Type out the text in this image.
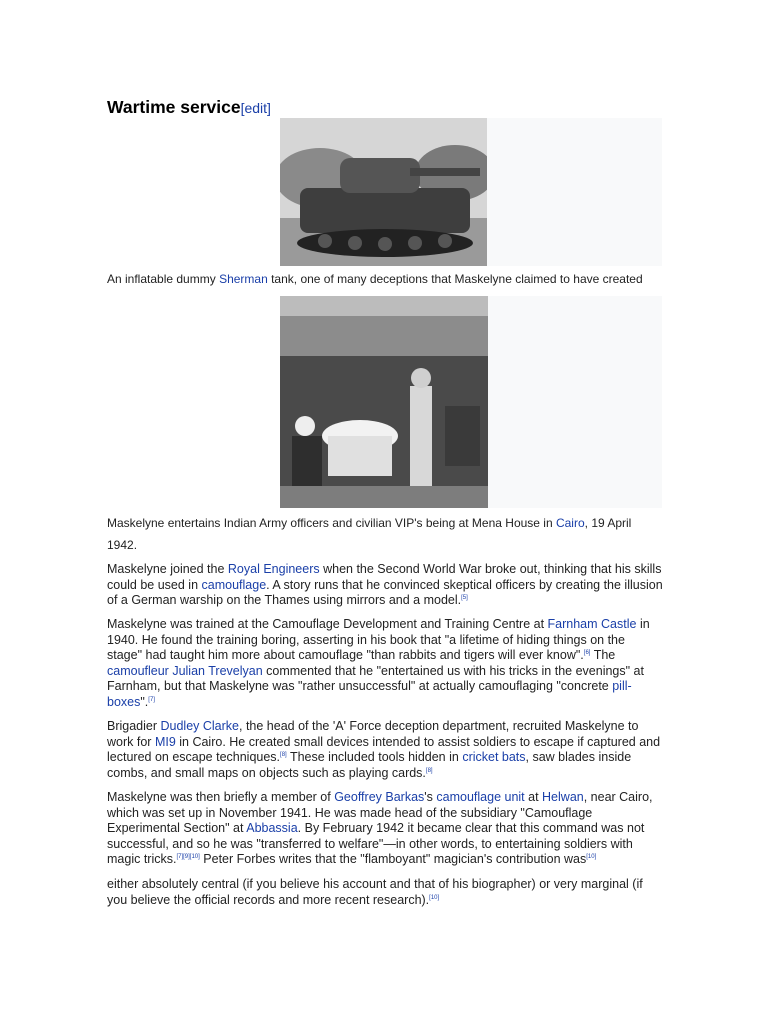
Wartime service[edit]
An inflatable dummy Sherman tank, one of many deceptions that Maskelyne claimed to have created
Maskelyne entertains Indian Army officers and civilian VIP's being at Mena House in Cairo, 19 April 1942.

Maskelyne joined the Royal Engineers when the Second World War broke out, thinking that his skills could be used in camouflage. A story runs that he convinced skeptical officers by creating the illusion of a German warship on the Thames using mirrors and a model.[5]

Maskelyne was trained at the Camouflage Development and Training Centre at Farnham Castle in 1940. He found the training boring, asserting in his book that "a lifetime of hiding things on the stage" had taught him more about camouflage "than rabbits and tigers will ever know".[6] The camoufleur Julian Trevelyan commented that he "entertained us with his tricks in the evenings" at Farnham, but that Maskelyne was "rather unsuccessful" at actually camouflaging "concrete pill-boxes".[7]

Brigadier Dudley Clarke, the head of the 'A' Force deception department, recruited Maskelyne to work for MI9 in Cairo. He created small devices intended to assist soldiers to escape if captured and lectured on escape techniques.[8] These included tools hidden in cricket bats, saw blades inside combs, and small maps on objects such as playing cards.[8]

Maskelyne was then briefly a member of Geoffrey Barkas's camouflage unit at Helwan, near Cairo, which was set up in November 1941. He was made head of the subsidiary "Camouflage Experimental Section" at Abbassia. By February 1942 it became clear that this command was not successful, and so he was "transferred to welfare"—in other words, to entertaining soldiers with magic tricks.[7][9][10] Peter Forbes writes that the "flamboyant" magician's contribution was[10]

either absolutely central (if you believe his account and that of his biographer) or very marginal (if you believe the official records and more recent research).[10]
